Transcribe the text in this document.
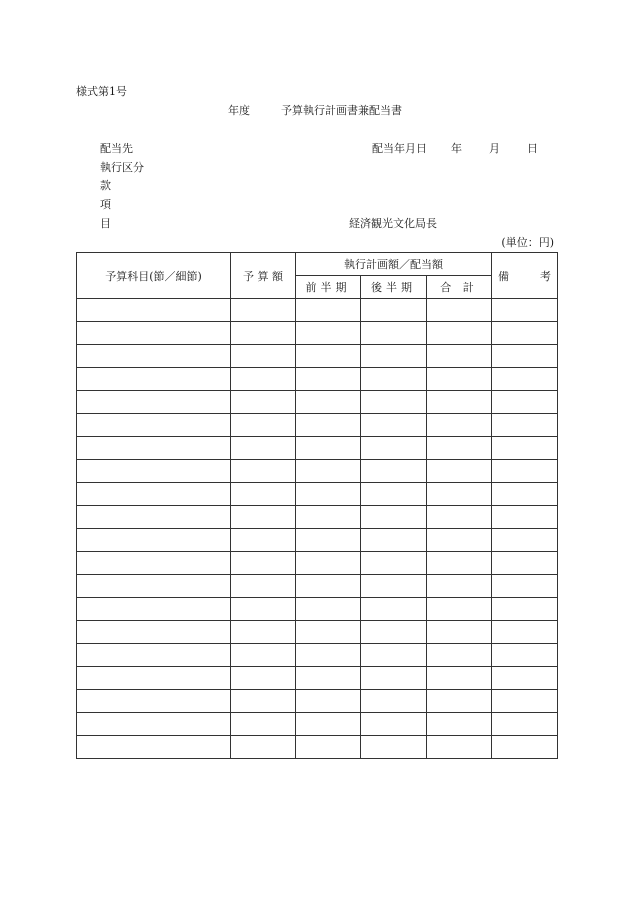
様式第1号
年度	予算執行計画書兼配当書
配当先
執行区分
款
項
目
配当年月日 年 月 日
経済観光文化局長
(単位：円)
予算科目(節／細節)	予 算 額	執行計画額／配当額			備 考

		前半期	後半期	合 計	
